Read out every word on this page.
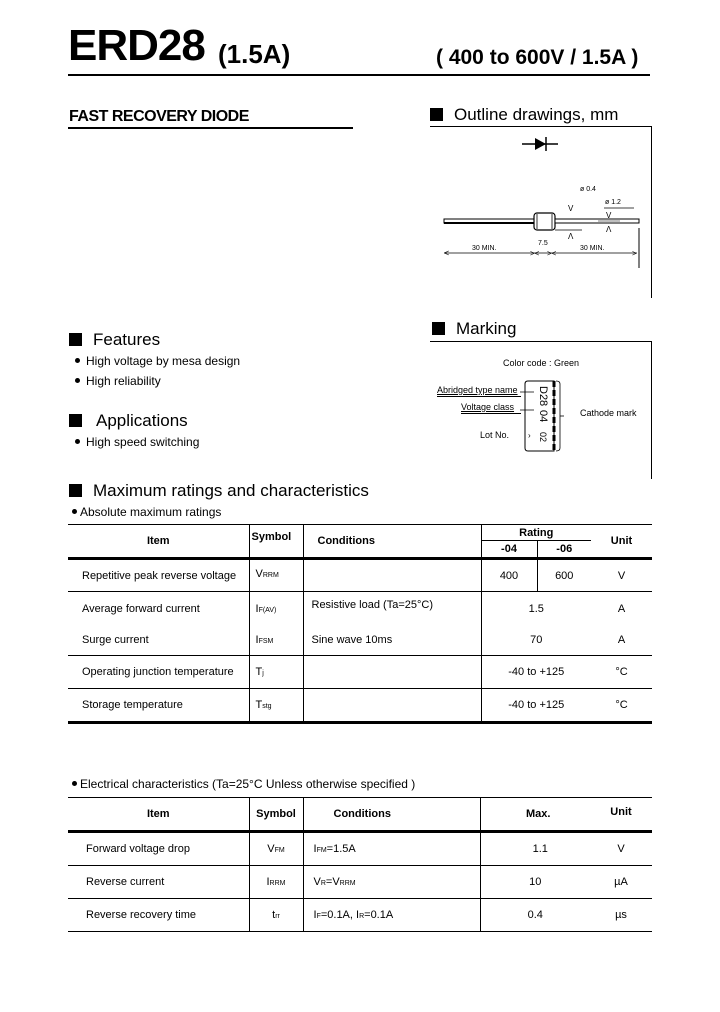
ERD28 (1.5A)	( 400 to 600V / 1.5A )
FAST RECOVERY DIODE	Outline drawings, mm
V
Λ
V
Λ
ø 0.4
ø 1.2
<	>< ><	>
30 MIN.
7.5
30 MIN.
Features
High voltage by mesa design
High reliability
Applications
High speed switching
Marking
Color code : Green
Abridged type name
Voltage class
Lot No.
Cathode mark
D28
04
02
›
Maximum ratings and characteristics
Absolute maximum ratings
Item	Symbol	Conditions	Rating		Unit
			-04	-06	
Repetitive peak reverse voltage	VRRM		400	600	V
Average forward current	IF(AV)	Resistive load (Ta=25°C)	1.5		A
Surge current	IFSM	Sine wave 10ms	70		A
Operating junction temperature	Tj		-40 to +125		°C
Storage temperature	Tstg		-40 to +125		°C
Electrical characteristics (Ta=25°C Unless otherwise specified )
Item	Symbol	Conditions	Max.	Unit
Forward voltage drop	VFM	IFM=1.5A	1.1	V
Reverse current	IRRM	VR=VRRM	10	µA
Reverse recovery time	trr	IF=0.1A, IR=0.1A	0.4	µs
